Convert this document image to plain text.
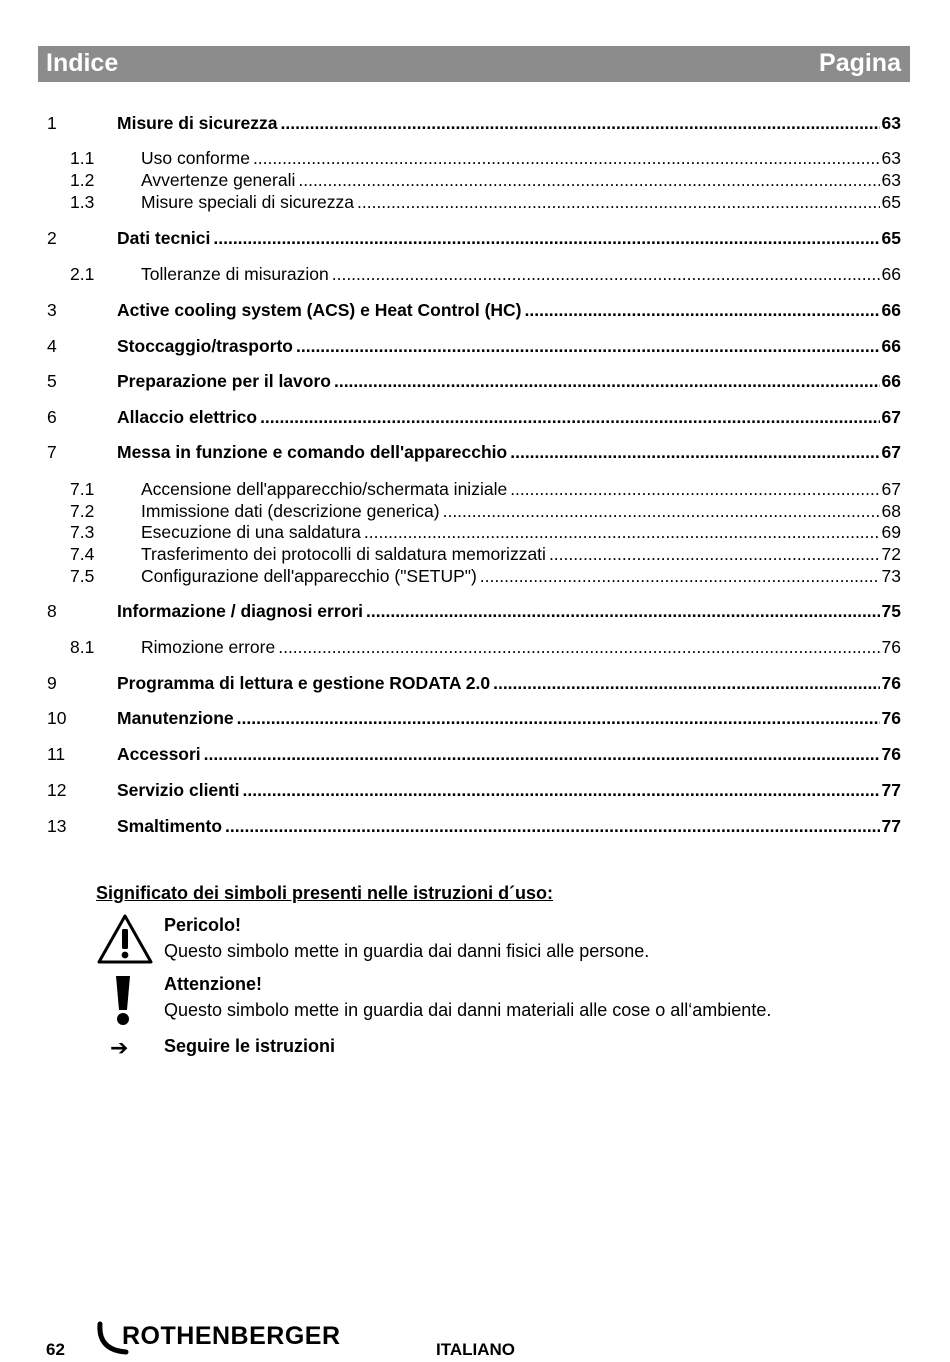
Indice	Pagina
1	Misure di sicurezza .....	63
1.1	Uso conforme .....	63
1.2	Avvertenze generali .....	63
1.3	Misure speciali di sicurezza .....	65
2	Dati tecnici .....	65
2.1	Tolleranze di misurazion .....	66
3	Active cooling system (ACS) e Heat Control (HC) .....	66
4	Stoccaggio/trasporto .....	66
5	Preparazione per il lavoro .....	66
6	Allaccio elettrico .....	67
7	Messa in funzione e comando dell'apparecchio .....	67
7.1	Accensione dell'apparecchio/schermata iniziale .....	67
7.2	Immissione dati (descrizione generica) .....	68
7.3	Esecuzione di una saldatura .....	69
7.4	Trasferimento dei protocolli di saldatura memorizzati .....	72
7.5	Configurazione dell'apparecchio ("SETUP") .....	73
8	Informazione / diagnosi errori .....	75
8.1	Rimozione errore .....	76
9	Programma di lettura e gestione RODATA 2.0 .....	76
10	Manutenzione .....	76
11	Accessori .....	76
12	Servizio clienti .....	77
13	Smaltimento .....	77
Significato dei simboli presenti nelle istruzioni d´uso:
Pericolo!
Questo simbolo mette in guardia dai danni fisici alle persone.
Attenzione!
Questo simbolo mette in guardia dai danni materiali alle cose o all‘ambiente.
➔ Seguire le istruzioni
62 ROTHENBERGER	ITALIANO
